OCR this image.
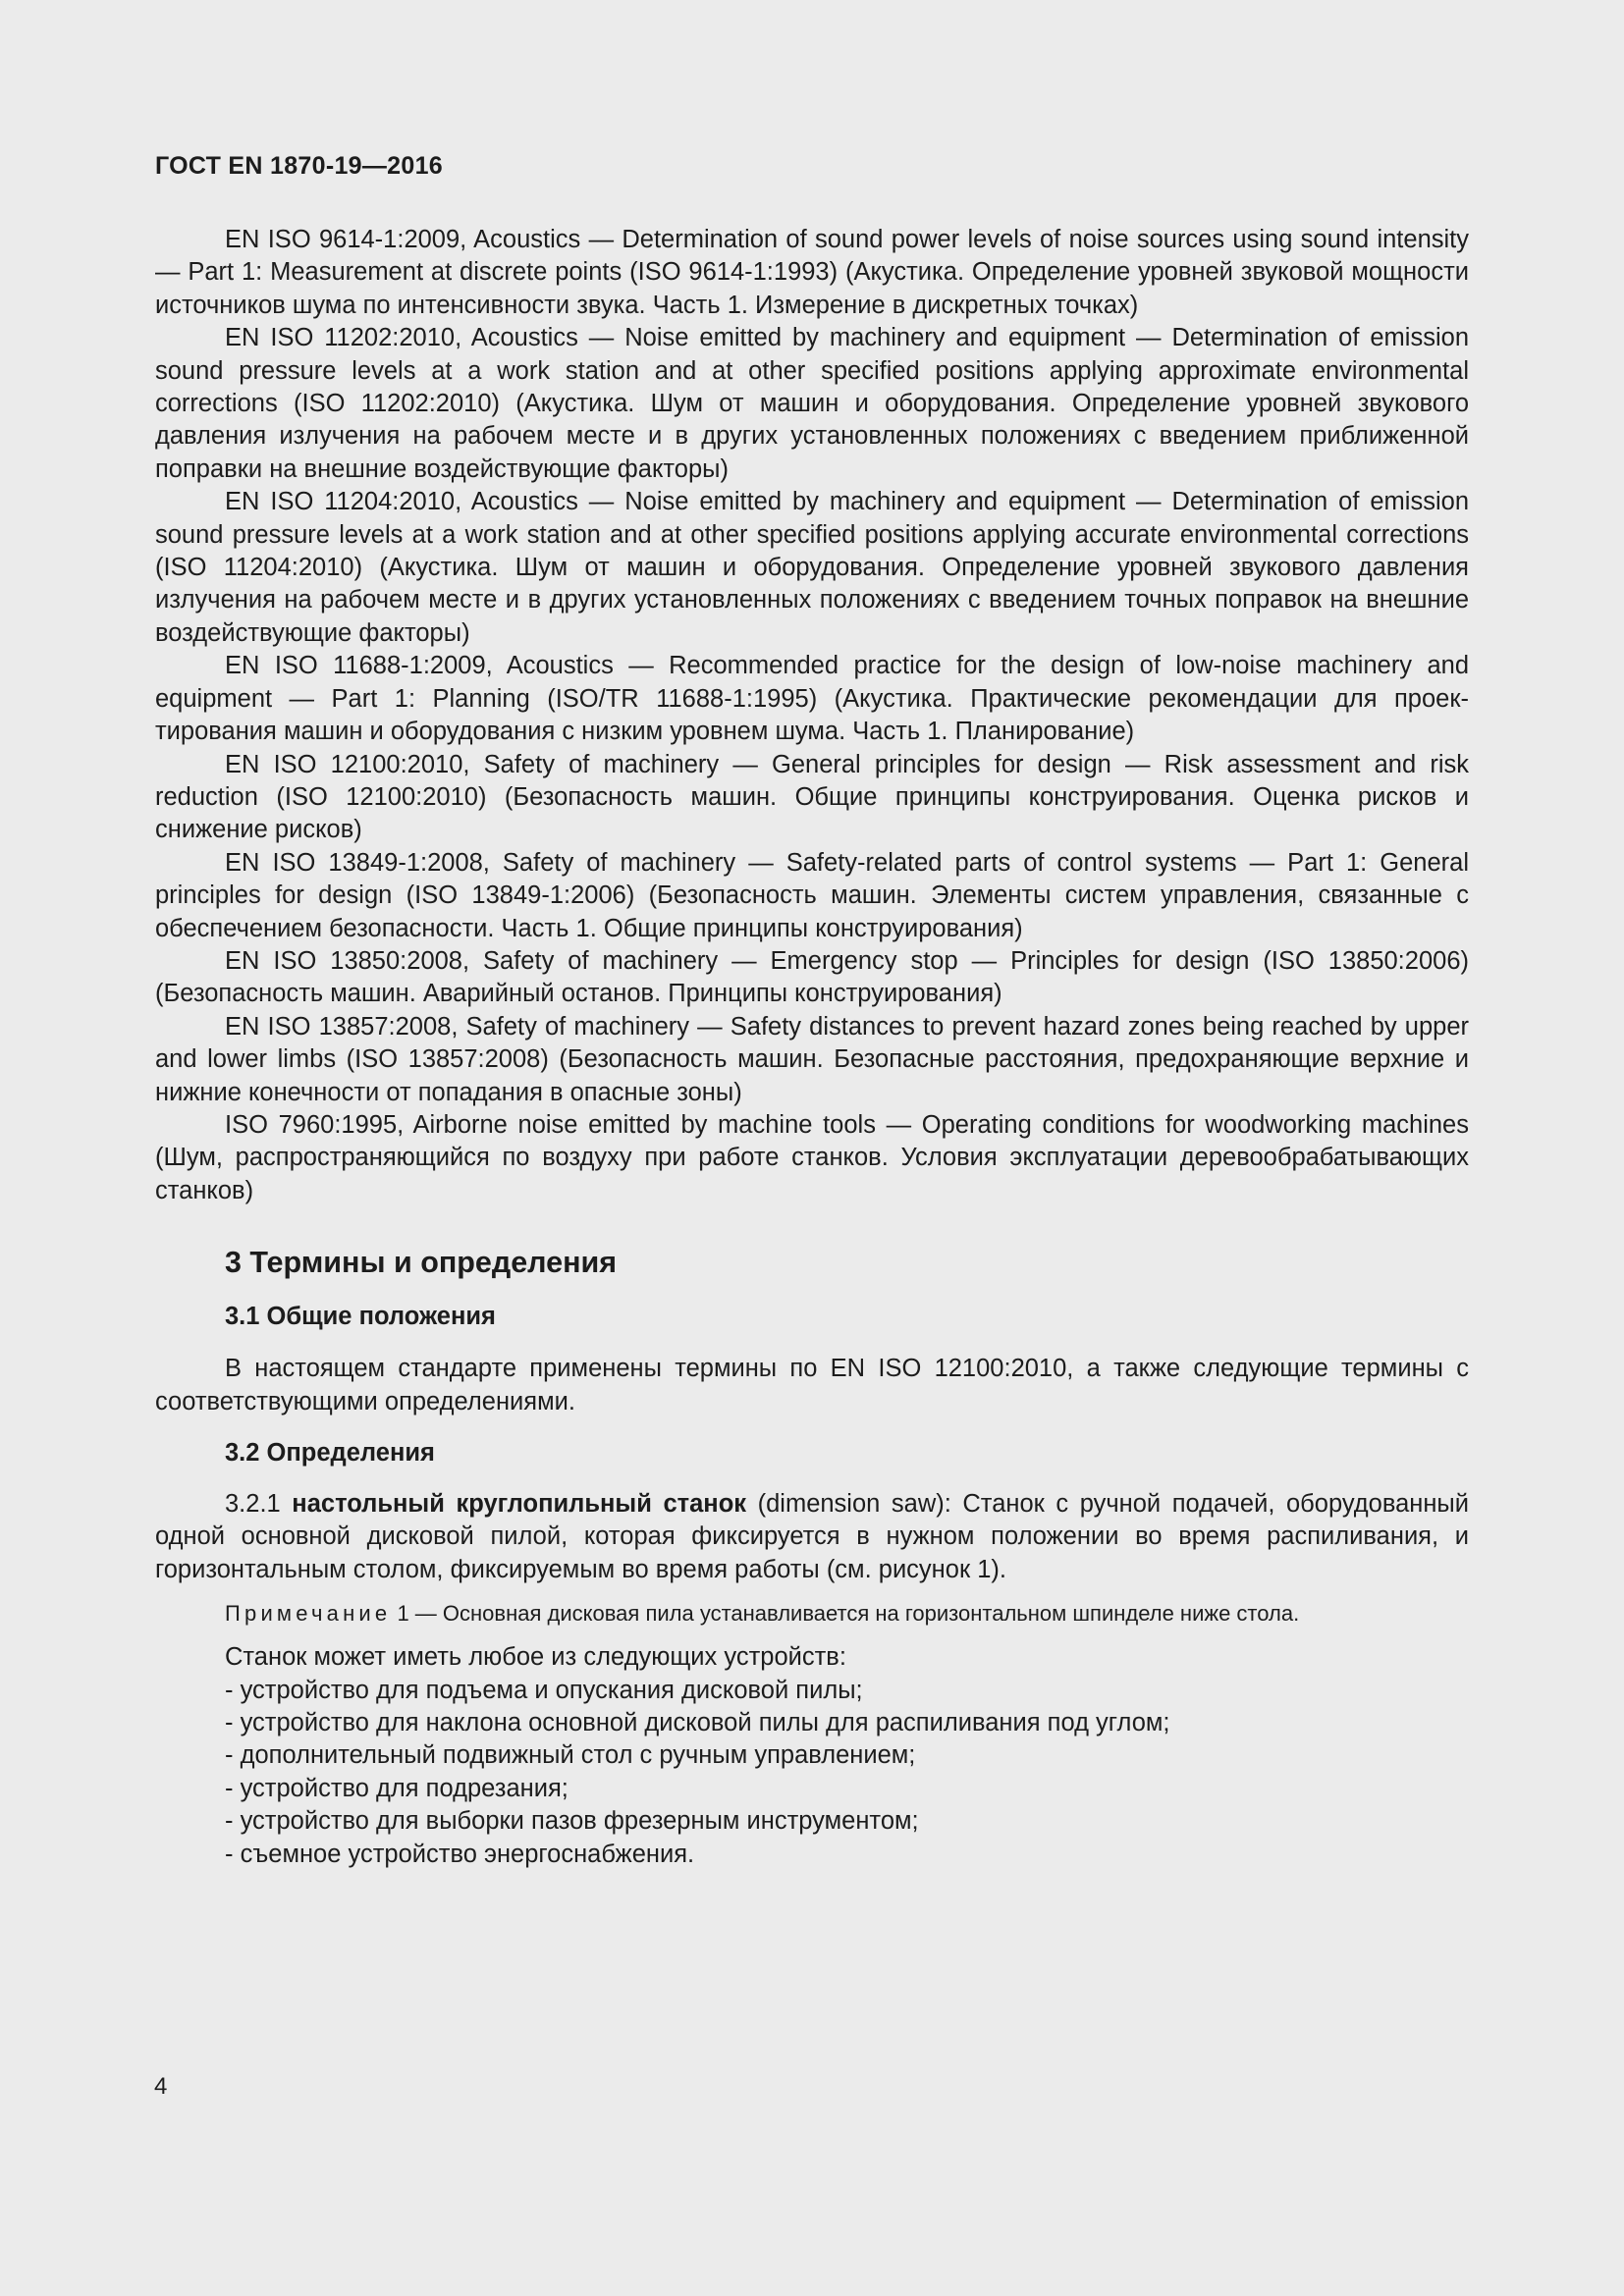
ГОСТ EN 1870-19—2016

EN ISO 9614-1:2009, Acoustics — Determination of sound power levels of noise sources using sound intensity — Part 1: Measurement at discrete points (ISO 9614-1:1993) (Акустика. Определение уровней звуковой мощности источников шума по интенсивности звука. Часть 1. Измерение в дискретных точках)

EN ISO 11202:2010, Acoustics — Noise emitted by machinery and equipment — Determination of emission sound pressure levels at a work station and at other specified positions applying approximate environmental corrections (ISO 11202:2010) (Акустика. Шум от машин и оборудования. Определение уровней звукового давления излучения на рабочем месте и в других установленных положениях с введением приближенной поправки на внешние воздействующие факторы)

EN ISO 11204:2010, Acoustics — Noise emitted by machinery and equipment — Determination of emission sound pressure levels at a work station and at other specified positions applying accurate environmental corrections (ISO 11204:2010) (Акустика. Шум от машин и оборудования. Определение уровней звукового давления излучения на рабочем месте и в других установленных положениях с введением точных поправок на внешние воздействующие факторы)

EN ISO 11688-1:2009, Acoustics — Recommended practice for the design of low-noise machinery and equipment — Part 1: Planning (ISO/TR 11688-1:1995) (Акустика. Практические рекомендации для проектирования машин и оборудования с низким уровнем шума. Часть 1. Планирование)

EN ISO 12100:2010, Safety of machinery — General principles for design — Risk assessment and risk reduction (ISO 12100:2010) (Безопасность машин. Общие принципы конструирования. Оценка рисков и снижение рисков)

EN ISO 13849-1:2008, Safety of machinery — Safety-related parts of control systems — Part 1: General principles for design (ISO 13849-1:2006) (Безопасность машин. Элементы систем управления, связанные с обеспечением безопасности. Часть 1. Общие принципы конструирования)

EN ISO 13850:2008, Safety of machinery — Emergency stop — Principles for design (ISO 13850:2006) (Безопасность машин. Аварийный останов. Принципы конструирования)

EN ISO 13857:2008, Safety of machinery — Safety distances to prevent hazard zones being reached by upper and lower limbs (ISO 13857:2008) (Безопасность машин. Безопасные расстояния, предохраняющие верхние и нижние конечности от попадания в опасные зоны)

ISO 7960:1995, Airborne noise emitted by machine tools — Operating conditions for woodworking machines (Шум, распространяющийся по воздуху при работе станков. Условия эксплуатации деревообрабатывающих станков)

3 Термины и определения
3.1 Общие положения

В настоящем стандарте применены термины по EN ISO 12100:2010, а также следующие термины с соответствующими определениями.

3.2 Определения

3.2.1 настольный круглопильный станок (dimension saw): Станок с ручной подачей, оборудованный одной основной дисковой пилой, которая фиксируется в нужном положении во время распиливания, и горизонтальным столом, фиксируемым во время работы (см. рисунок 1).

Примечание 1 — Основная дисковая пила устанавливается на горизонтальном шпинделе ниже стола.

Станок может иметь любое из следующих устройств:

- устройство для подъема и опускания дисковой пилы;
- устройство для наклона основной дисковой пилы для распиливания под углом;
- дополнительный подвижный стол с ручным управлением;
- устройство для подрезания;
- устройство для выборки пазов фрезерным инструментом;
- съемное устройство энергоснабжения.
4
